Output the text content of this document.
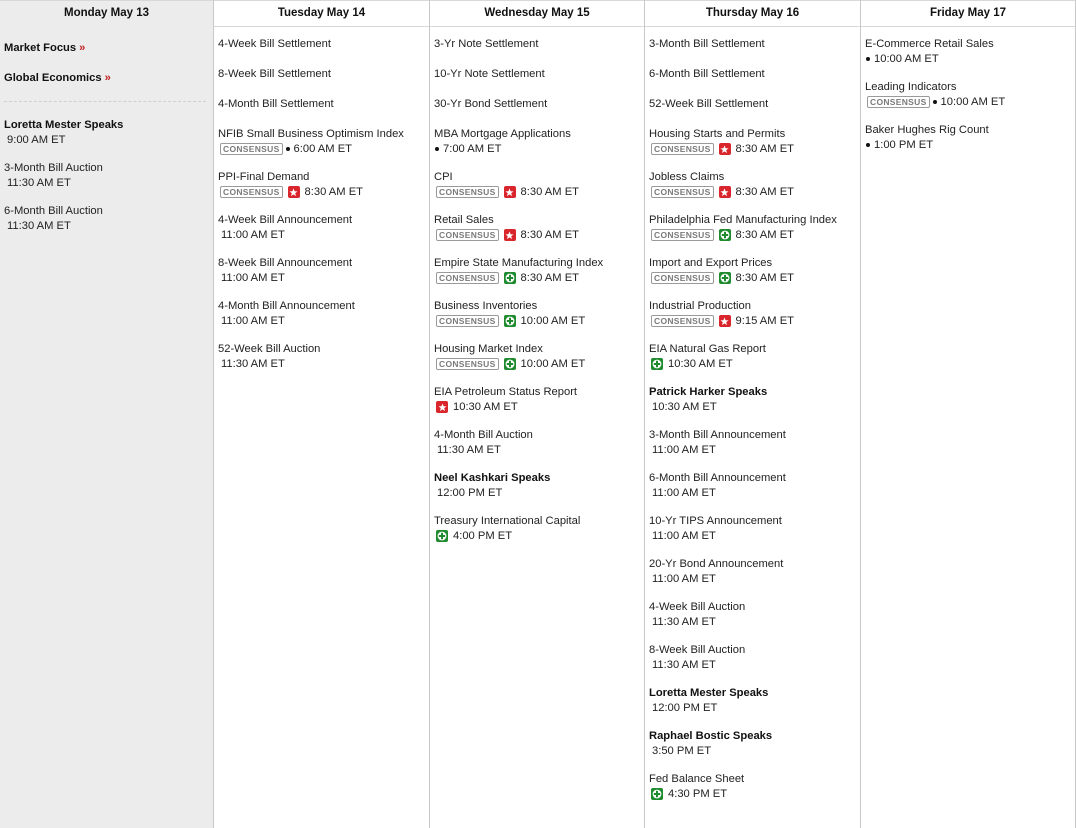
Monday May 13
Market Focus »
Global Economics »
Loretta Mester Speaks
9:00 AM ET
3-Month Bill Auction
11:30 AM ET
6-Month Bill Auction
11:30 AM ET
Tuesday May 14
4-Week Bill Settlement
8-Week Bill Settlement
4-Month Bill Settlement
NFIB Small Business Optimism Index
CONSENSUS 6:00 AM ET
PPI-Final Demand
CONSENSUS 8:30 AM ET
4-Week Bill Announcement
11:00 AM ET
8-Week Bill Announcement
11:00 AM ET
4-Month Bill Announcement
11:00 AM ET
52-Week Bill Auction
11:30 AM ET
Wednesday May 15
3-Yr Note Settlement
10-Yr Note Settlement
30-Yr Bond Settlement
MBA Mortgage Applications
7:00 AM ET
CPI
CONSENSUS 8:30 AM ET
Retail Sales
CONSENSUS 8:30 AM ET
Empire State Manufacturing Index
CONSENSUS 8:30 AM ET
Business Inventories
CONSENSUS 10:00 AM ET
Housing Market Index
CONSENSUS 10:00 AM ET
EIA Petroleum Status Report
10:30 AM ET
4-Month Bill Auction
11:30 AM ET
Neel Kashkari Speaks
12:00 PM ET
Treasury International Capital
4:00 PM ET
Thursday May 16
3-Month Bill Settlement
6-Month Bill Settlement
52-Week Bill Settlement
Housing Starts and Permits
CONSENSUS 8:30 AM ET
Jobless Claims
CONSENSUS 8:30 AM ET
Philadelphia Fed Manufacturing Index
CONSENSUS 8:30 AM ET
Import and Export Prices
CONSENSUS 8:30 AM ET
Industrial Production
CONSENSUS 9:15 AM ET
EIA Natural Gas Report
10:30 AM ET
Patrick Harker Speaks
10:30 AM ET
3-Month Bill Announcement
11:00 AM ET
6-Month Bill Announcement
11:00 AM ET
10-Yr TIPS Announcement
11:00 AM ET
20-Yr Bond Announcement
11:00 AM ET
4-Week Bill Auction
11:30 AM ET
8-Week Bill Auction
11:30 AM ET
Loretta Mester Speaks
12:00 PM ET
Raphael Bostic Speaks
3:50 PM ET
Fed Balance Sheet
4:30 PM ET
Friday May 17
E-Commerce Retail Sales
10:00 AM ET
Leading Indicators
CONSENSUS 10:00 AM ET
Baker Hughes Rig Count
1:00 PM ET
